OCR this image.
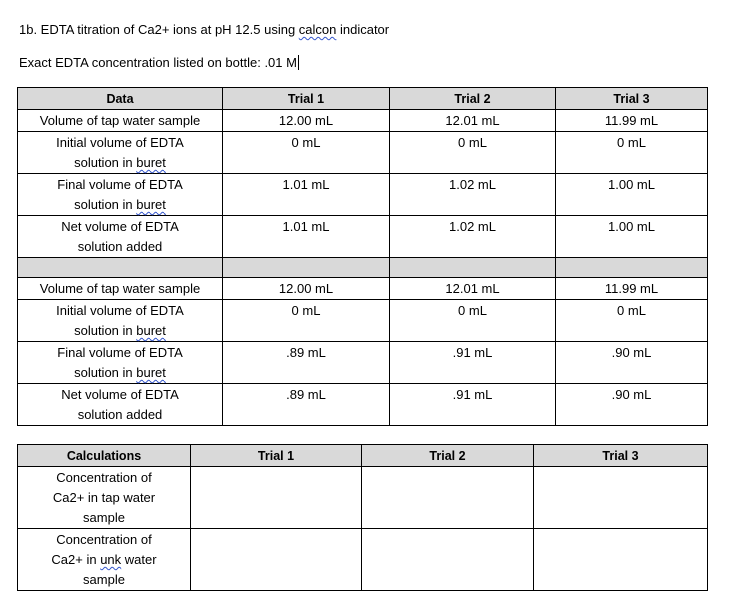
1b. EDTA titration of Ca2+ ions at pH 12.5 using calcon indicator
Exact EDTA concentration listed on bottle: .01 M
Data	Trial 1	Trial 2	Trial 3

Volume of tap water sample	12.00 mL	12.01 mL	11.99 mL

Initial volume of EDTA
solution in buret	0 mL	0 mL	0 mL

Final volume of EDTA
solution in buret	1.01 mL	1.02 mL	1.00 mL

Net volume of EDTA
solution added	1.01 mL	1.02 mL	1.00 mL

Volume of tap water sample	12.00 mL	12.01 mL	11.99 mL

Initial volume of EDTA
solution in buret	0 mL	0 mL	0 mL

Final volume of EDTA
solution in buret	.89 mL	.91 mL	.90 mL

Net volume of EDTA
solution added	.89 mL	.91 mL	.90 mL
Calculations	Trial 1	Trial 2	Trial 3

Concentration of
Ca2+ in tap water
sample			

Concentration of
Ca2+ in unk water
sample			
